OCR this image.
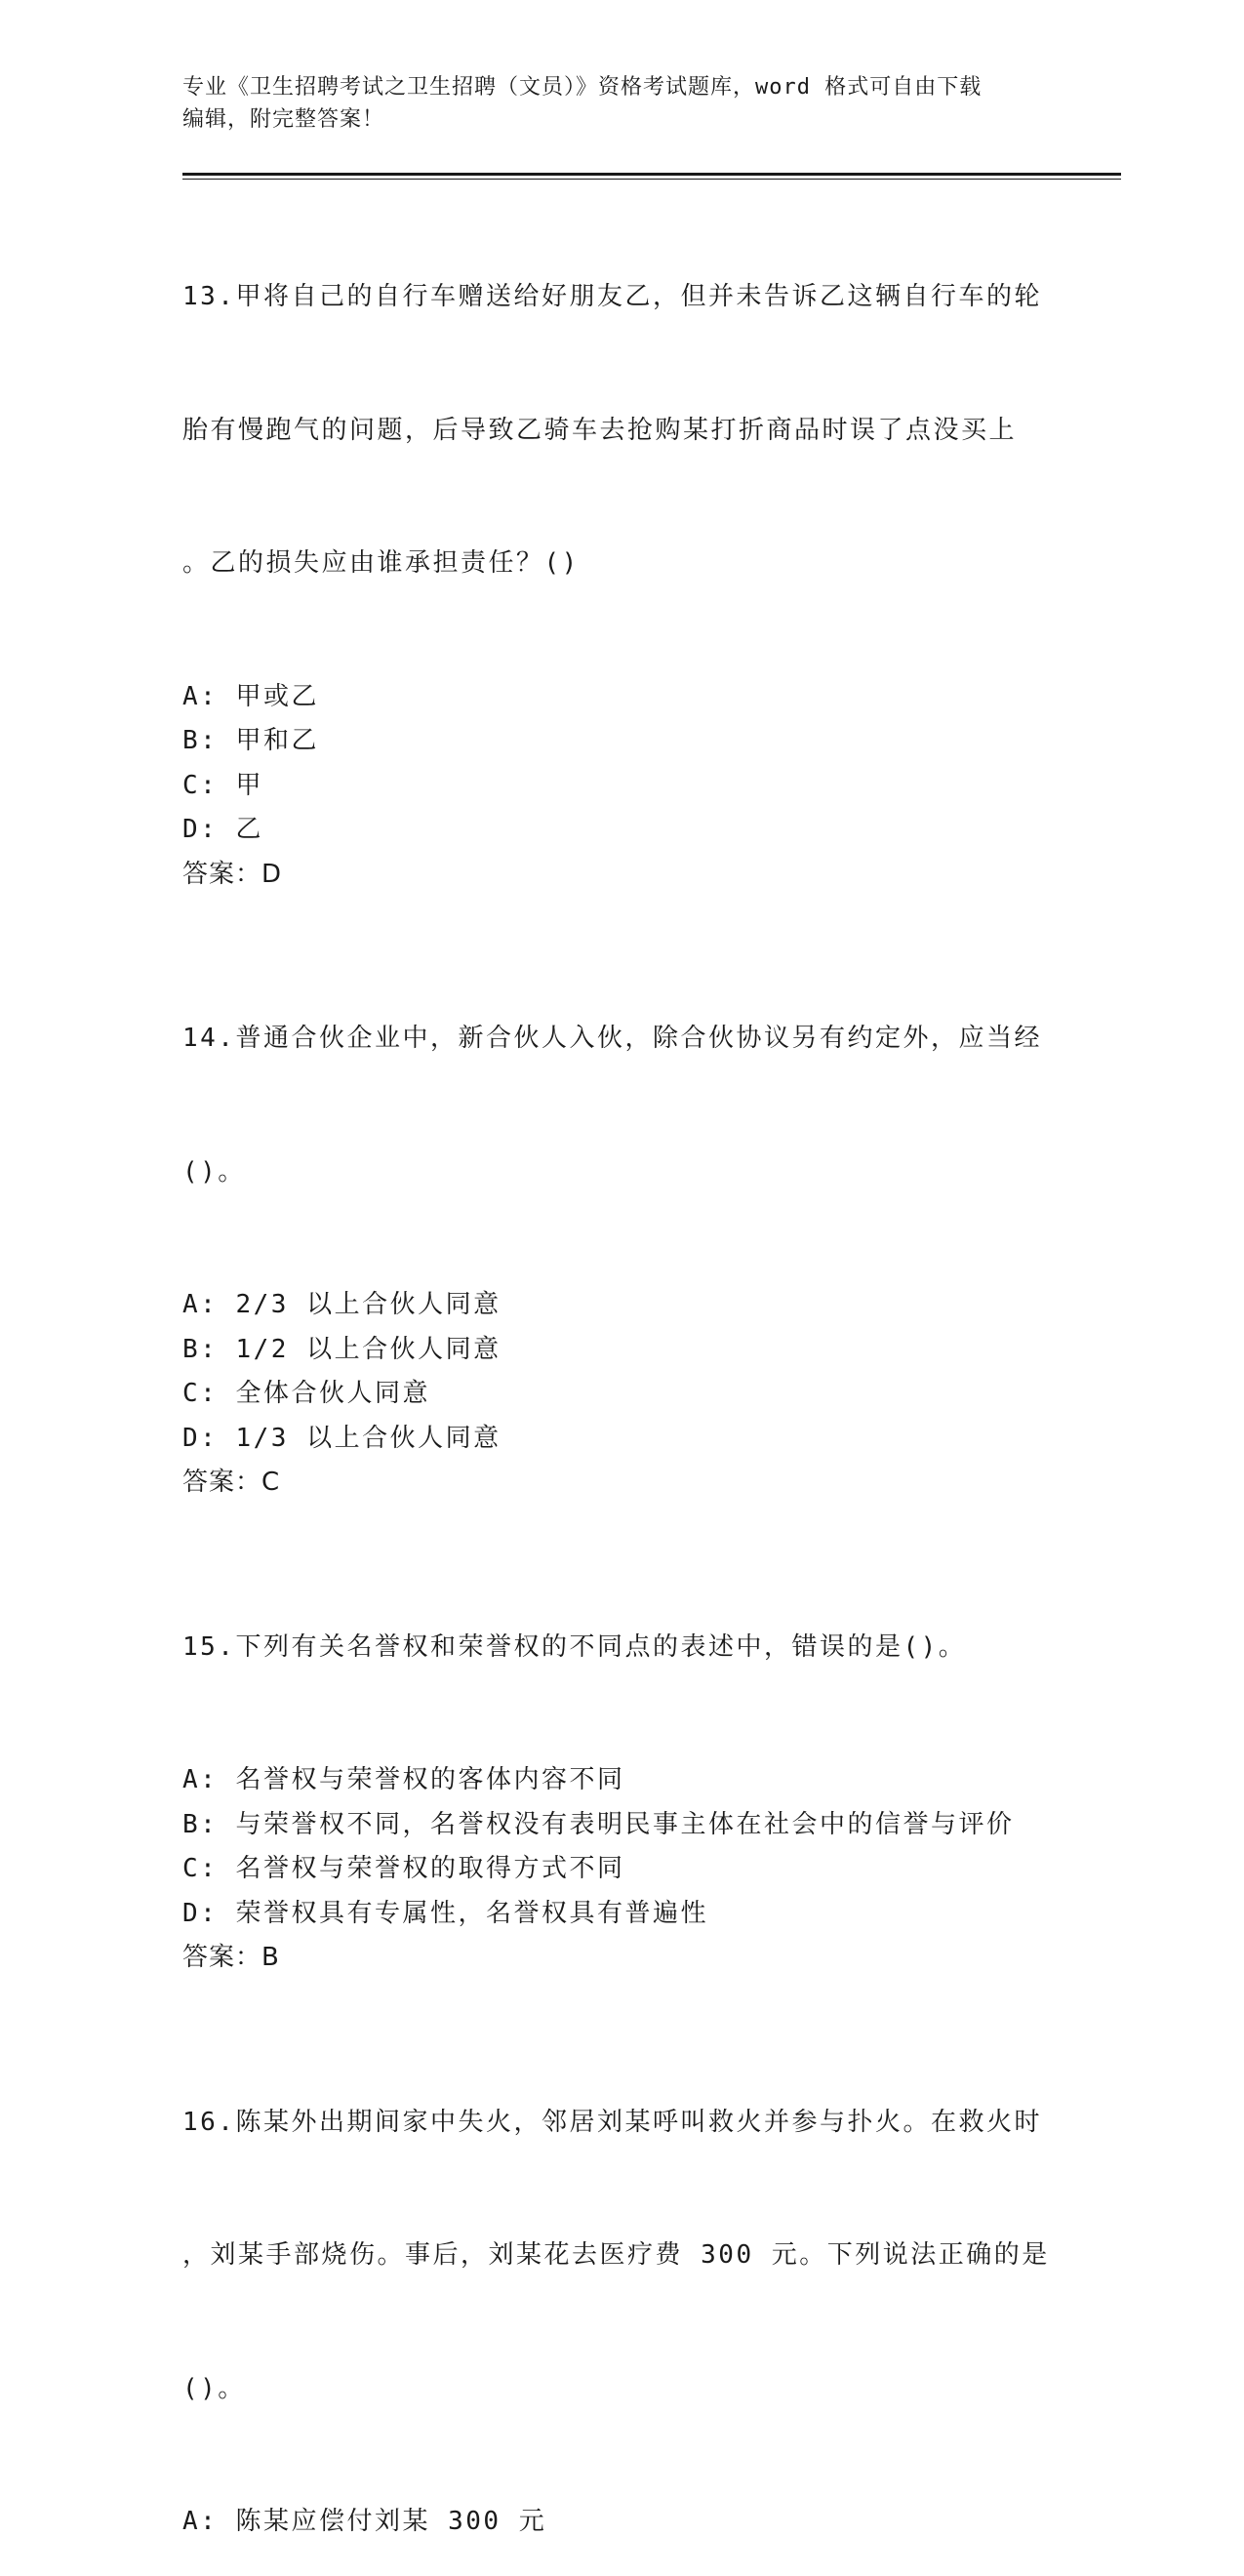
专业《卫生招聘考试之卫生招聘（文员）》资格考试题库，word 格式可自由下载
编辑，附完整答案！

13.甲将自己的自行车赠送给好朋友乙，但并未告诉乙这辆自行车的轮

胎有慢跑气的问题，后导致乙骑车去抢购某打折商品时误了点没买上

。乙的损失应由谁承担责任？()

A: 甲或乙
B: 甲和乙
C: 甲
D: 乙
答案：D

14.普通合伙企业中，新合伙人入伙，除合伙协议另有约定外，应当经

()。

A: 2/3 以上合伙人同意
B: 1/2 以上合伙人同意
C: 全体合伙人同意
D: 1/3 以上合伙人同意
答案：C

15.下列有关名誉权和荣誉权的不同点的表述中，错误的是()。

A: 名誉权与荣誉权的客体内容不同
B: 与荣誉权不同，名誉权没有表明民事主体在社会中的信誉与评价
C: 名誉权与荣誉权的取得方式不同
D: 荣誉权具有专属性，名誉权具有普遍性
答案：B

16.陈某外出期间家中失火，邻居刘某呼叫救火并参与扑火。在救火时

，刘某手部烧伤。事后，刘某花去医疗费 300 元。下列说法正确的是

()。

A: 陈某应偿付刘某 300 元
